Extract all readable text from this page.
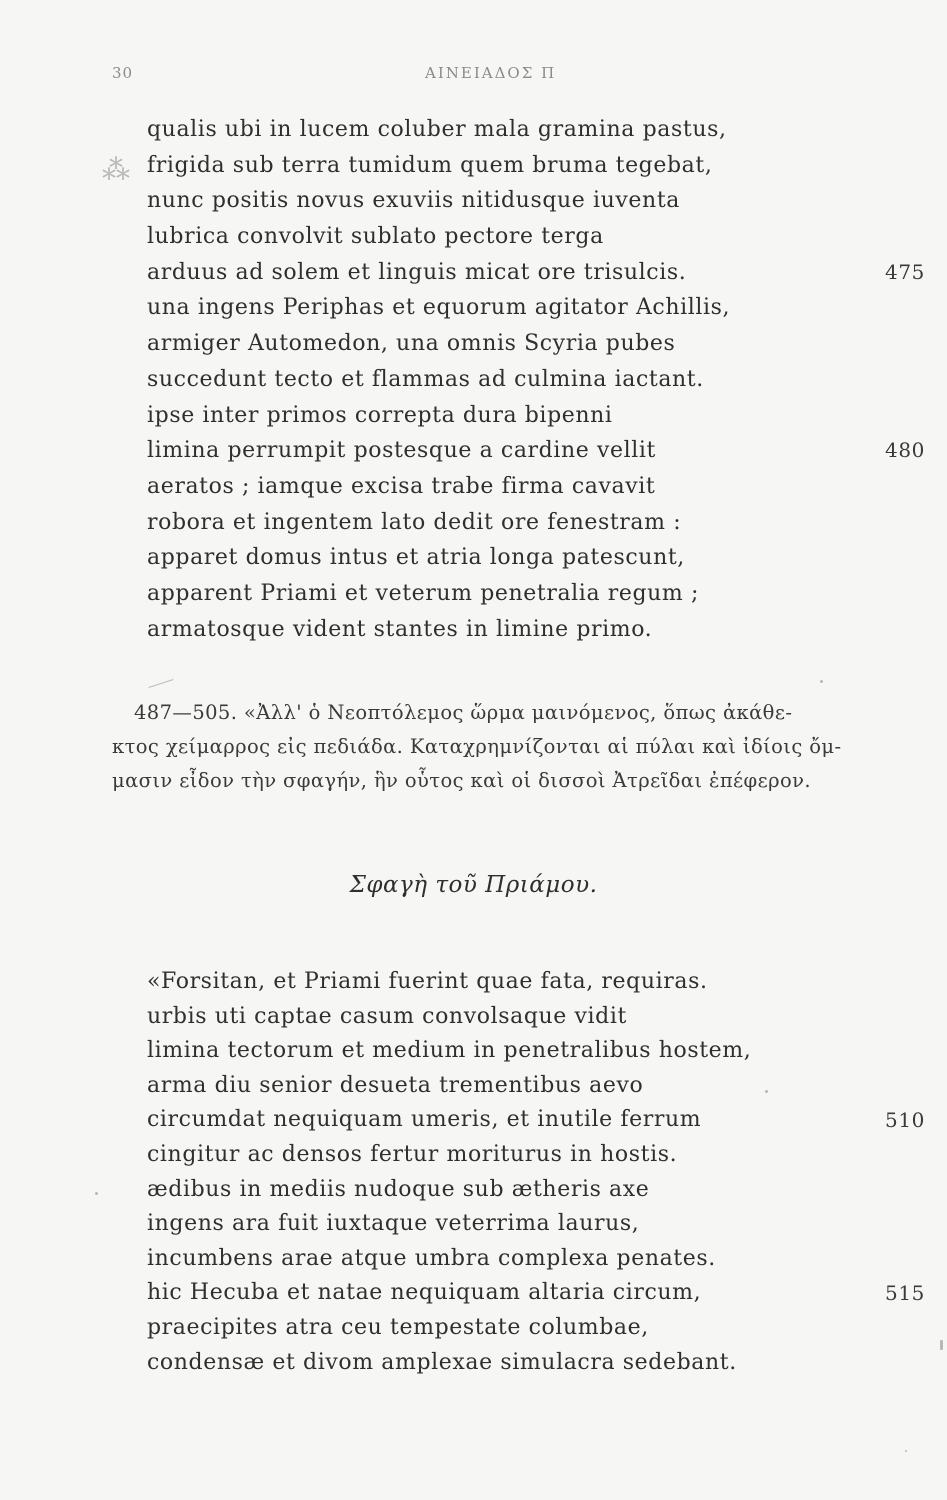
30	ΑΙΝΕΙΑΔΟΣ Π
⁂
qualis ubi in lucem coluber mala gramina pastus,
frigida sub terra tumidum quem bruma tegebat,
nunc positis novus exuviis nitidusque iuventa
lubrica convolvit sublato pectore terga
arduus ad solem et linguis micat ore trisulcis.	475
una ingens Periphas et equorum agitator Achillis,
armiger Automedon, una omnis Scyria pubes
succedunt tecto et flammas ad culmina iactant.
ipse inter primos correpta dura bipenni
limina perrumpit postesque a cardine vellit	480
aeratos ; iamque excisa trabe firma cavavit
robora et ingentem lato dedit ore fenestram :
apparet domus intus et atria longa patescunt,
apparent Priami et veterum penetralia regum ;
armatosque vident stantes in limine primo.
487—505. «Ἀλλ' ὁ Νεοπτόλεμος ὥρμα μαινόμενος, ὅπως ἀκάθε-
κτος χείμαρρος εἰς πεδιάδα. Καταχρημνίζονται αἱ πύλαι καὶ ἰδίοις ὄμ-
μασιν εἶδον τὴν σφαγήν, ἣν οὗτος καὶ οἱ δισσοὶ Ἀτρεῖδαι ἐπέφερον.
Σφαγὴ τοῦ Πριάμου.
«Forsitan, et Priami fuerint quae fata, requiras.
urbis uti captae casum convolsaque vidit
limina tectorum et medium in penetralibus hostem,
arma diu senior desueta trementibus aevo
circumdat nequiquam umeris, et inutile ferrum	510
cingitur ac densos fertur moriturus in hostis.
ædibus in mediis nudoque sub ætheris axe
ingens ara fuit iuxtaque veterrima laurus,
incumbens arae atque umbra complexa penates.
hic Hecuba et natae nequiquam altaria circum,	515
praecipites atra ceu tempestate columbae,
condensæ et divom amplexae simulacra sedebant.
